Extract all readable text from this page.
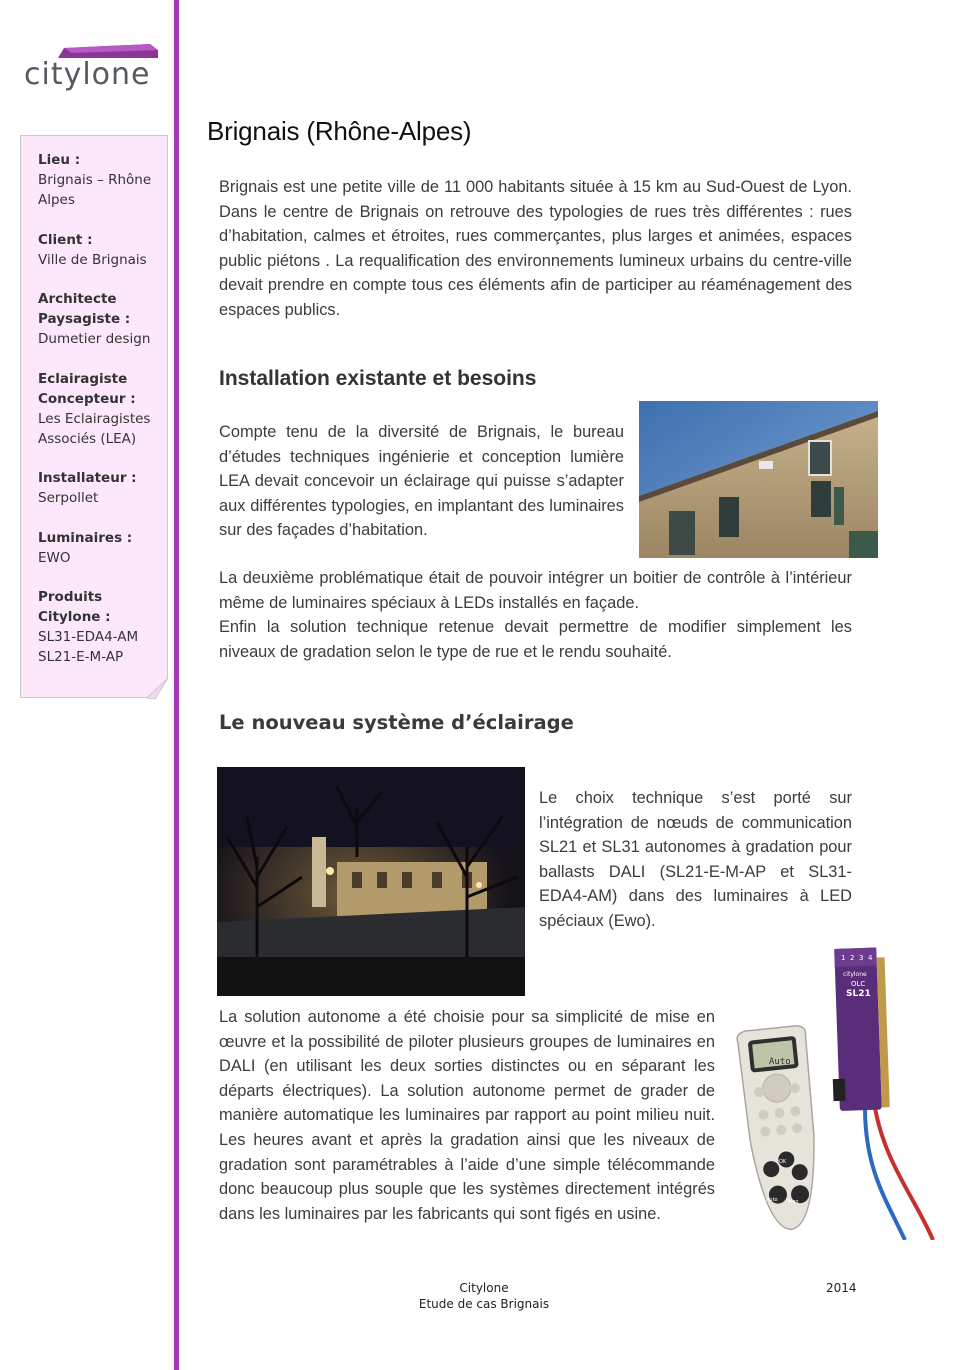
citylone
Lieu :
Brignais – Rhône Alpes
Client :
Ville de Brignais
Architecte Paysagiste :
Dumetier design
Eclairagiste Concepteur :
Les Eclairagistes Associés (LEA)
Installateur :
Serpollet
Luminaires :
EWO
Produits Citylone :
SL31-EDA4-AM
SL21-E-M-AP
Brignais (Rhône-Alpes)

Brignais est une petite ville de 11 000 habitants située à 15 km au Sud-Ouest de Lyon. Dans le centre de Brignais on retrouve des typologies de rues très différentes : rues d’habitation, calmes et étroites, rues commerçantes, plus larges et animées, espaces public piétons . La requalification des environnements lumineux urbains du centre-ville devait prendre en compte tous ces éléments afin de participer au réaménagement des espaces publics.

Installation existante et besoins

Compte tenu de la diversité de Brignais, le bureau d’études techniques ingénierie et conception lumière LEA devait concevoir un éclairage qui puisse s’adapter aux différentes typologies, en implantant des luminaires sur des façades d’habitation.

La deuxième problématique était de pouvoir intégrer un boitier de contrôle à l’intérieur même de luminaires spéciaux à LEDs installés en façade.

Enfin la solution technique retenue devait permettre de modifier simplement les niveaux de gradation selon le type de rue et le rendu souhaité.

Le nouveau système d’éclairage

Le choix technique s’est porté sur l’intégration de nœuds de communication SL21 et SL31 autonomes à gradation pour ballasts DALI (SL21-E-M-AP et SL31-EDA4-AM) dans des luminaires à LED spéciaux (Ewo).

1 2 3 4
citylone
OLC
SL21
Auto
OK
Auto Man

La solution autonome a été choisie pour sa simplicité de mise en œuvre et la possibilité de piloter plusieurs groupes de luminaires en DALI (en utilisant les deux sorties distinctes ou en séparant les départs électriques). La solution autonome permet de grader de manière automatique les luminaires par rapport au point milieu nuit. Les heures avant et après la gradation ainsi que les niveaux de gradation sont paramétrables à l’aide d’une simple télécommande donc beaucoup plus souple que les systèmes directement intégrés dans les luminaires par les fabricants qui sont figés en usine.

Citylone
Etude de cas Brignais
2014
